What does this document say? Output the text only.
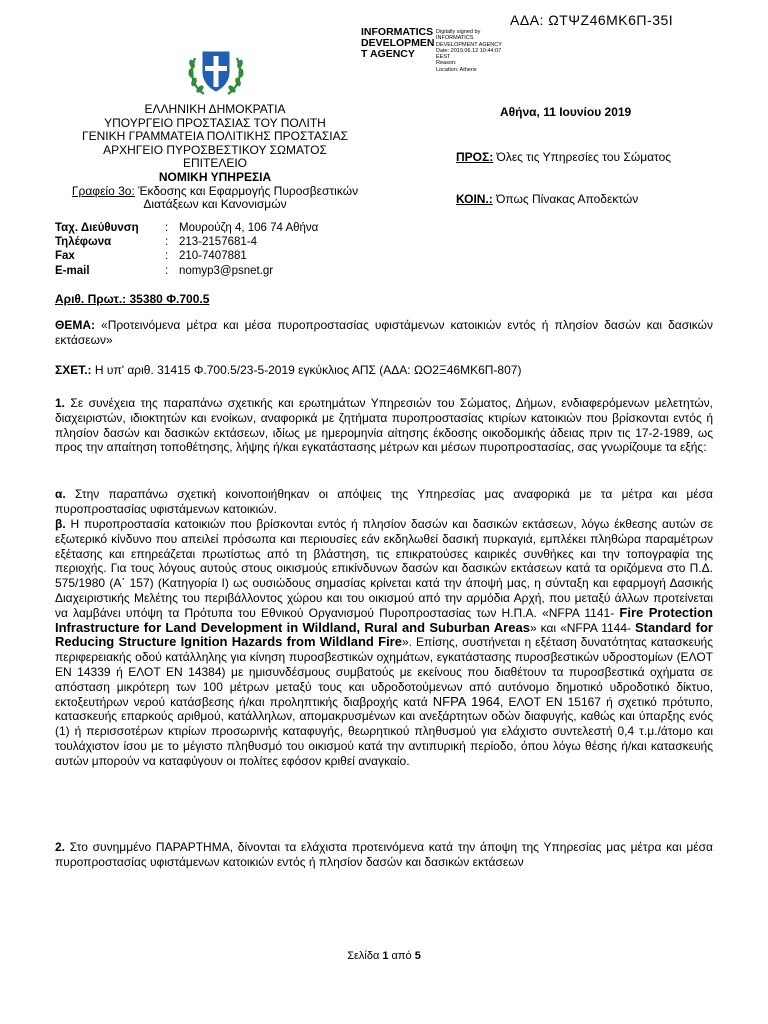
ΑΔΑ: ΩΤΨΖ46ΜΚ6Π-35Ι
INFORMATICS
DEVELOPMEN
T AGENCY
Digitally signed by
INFORMATICS
DEVELOPMENT AGENCY
Date: 2019.06.12 10:44:07
EEST
Reason:
Location: Athens
ΕΛΛΗΝΙΚΗ ΔΗΜΟΚΡΑΤΙΑ
ΥΠΟΥΡΓΕΙΟ ΠΡΟΣΤΑΣΙΑΣ ΤΟΥ ΠΟΛΙΤΗ
ΓΕΝΙΚΗ ΓΡΑΜΜΑΤΕΙΑ ΠΟΛΙΤΙΚΗΣ ΠΡΟΣΤΑΣΙΑΣ
ΑΡΧΗΓΕΙΟ ΠΥΡΟΣΒΕΣΤΙΚΟΥ ΣΩΜΑΤΟΣ
ΕΠΙΤΕΛΕΙΟ
ΝΟΜΙΚΗ ΥΠΗΡΕΣΙΑ
Γραφείο 3ο: Έκδοσης και Εφαρμογής Πυροσβεστικών
Διατάξεων και Κανονισμών
Αθήνα, 11 Ιουνίου 2019
ΠΡΟΣ: Όλες τις Υπηρεσίες του Σώματος
ΚΟΙΝ.: Όπως Πίνακας Αποδεκτών
Ταχ. Διεύθυνση	: Μουρούζη 4, 106 74 Αθήνα
Τηλέφωνα	: 213-2157681-4
Fax	: 210-7407881
E-mail	: nomyp3@psnet.gr
Αριθ. Πρωτ.: 35380 Φ.700.5
ΘΕΜΑ: «Προτεινόμενα μέτρα και μέσα πυροπροστασίας υφιστάμενων κατοικιών εντός ή πλησίον δασών και δασικών εκτάσεων»
ΣΧΕΤ.: Η υπ' αριθ. 31415 Φ.700.5/23-5-2019 εγκύκλιος ΑΠΣ (ΑΔΑ: ΩΟ2Ξ46ΜΚ6Π-807)
1. Σε συνέχεια της παραπάνω σχετικής και ερωτημάτων Υπηρεσιών του Σώματος, Δήμων, ενδιαφερόμενων μελετητών, διαχειριστών, ιδιοκτητών και ενοίκων, αναφορικά με ζητήματα πυροπροστασίας κτιρίων κατοικιών που βρίσκονται εντός ή πλησίον δασών και δασικών εκτάσεων, ιδίως με ημερομηνία αίτησης έκδοσης οικοδομικής άδειας πριν τις 17-2-1989, ως προς την απαίτηση τοποθέτησης, λήψης ή/και εγκατάστασης μέτρων και μέσων πυροπροστασίας, σας γνωρίζουμε τα εξής:
α. Στην παραπάνω σχετική κοινοποιήθηκαν οι απόψεις της Υπηρεσίας μας αναφορικά με τα μέτρα και μέσα πυροπροστασίας υφιστάμενων κατοικιών.
β. Η πυροπροστασία κατοικιών που βρίσκονται εντός ή πλησίον δασών και δασικών εκτάσεων, λόγω έκθεσης αυτών σε εξωτερικό κίνδυνο που απειλεί πρόσωπα και περιουσίες εάν εκδηλωθεί δασική πυρκαγιά, εμπλέκει πληθώρα παραμέτρων εξέτασης και επηρεάζεται πρωτίστως από τη βλάστηση, τις επικρατούσες καιρικές συνθήκες και την τοπογραφία της περιοχής. Για τους λόγους αυτούς στους οικισμούς επικίνδυνων δασών και δασικών εκτάσεων κατά τα οριζόμενα στο Π.Δ. 575/1980 (Α΄ 157) (Κατηγορία Ι) ως ουσιώδους σημασίας κρίνεται κατά την άποψή μας, η σύνταξη και εφαρμογή Δασικής Διαχειριστικής Μελέτης του περιβάλλοντος χώρου και του οικισμού από την αρμόδια Αρχή, που μεταξύ άλλων προτείνεται να λαμβάνει υπόψη τα Πρότυπα του Εθνικού Οργανισμού Πυροπροστασίας των Η.Π.Α. «NFPA 1141- Fire Protection Infrastructure for Land Development in Wildland, Rural and Suburban Areas» και «NFPA 1144- Standard for Reducing Structure Ignition Hazards from Wildland Fire». Επίσης, συστήνεται η εξέταση δυνατότητας κατασκευής περιφερειακής οδού κατάλληλης για κίνηση πυροσβεστικών οχημάτων, εγκατάστασης πυροσβεστικών υδροστομίων (ΕΛΟΤ ΕΝ 14339 ή ΕΛΟΤ ΕΝ 14384) με ημισυνδέσμους συμβατούς με εκείνους που διαθέτουν τα πυροσβεστικά οχήματα σε απόσταση μικρότερη των 100 μέτρων μεταξύ τους και υδροδοτούμενων από αυτόνομο δημοτικό υδροδοτικό δίκτυο, εκτοξευτήρων νερού κατάσβεσης ή/και προληπτικής διαβροχής κατά NFPA 1964, ΕΛΟΤ ΕΝ 15167 ή σχετικό πρότυπο, κατασκευής επαρκούς αριθμού, κατάλληλων, απομακρυσμένων και ανεξάρτητων οδών διαφυγής, καθώς και ύπαρξης ενός (1) ή περισσοτέρων κτιρίων προσωρινής καταφυγής, θεωρητικού πληθυσμού για ελάχιστο συντελεστή 0,4 τ.μ./άτομο και τουλάχιστον ίσου με το μέγιστο πληθυσμό του οικισμού κατά την αντιπυρική περίοδο, όπου λόγω θέσης ή/και κατασκευής αυτών μπορούν να καταφύγουν οι πολίτες εφόσον κριθεί αναγκαίο.
2. Στο συνημμένο ΠΑΡΑΡΤΗΜΑ, δίνονται τα ελάχιστα προτεινόμενα κατά την άποψη της Υπηρεσίας μας μέτρα και μέσα πυροπροστασίας υφιστάμενων κατοικιών εντός ή πλησίον δασών και δασικών εκτάσεων
Σελίδα 1 από 5
